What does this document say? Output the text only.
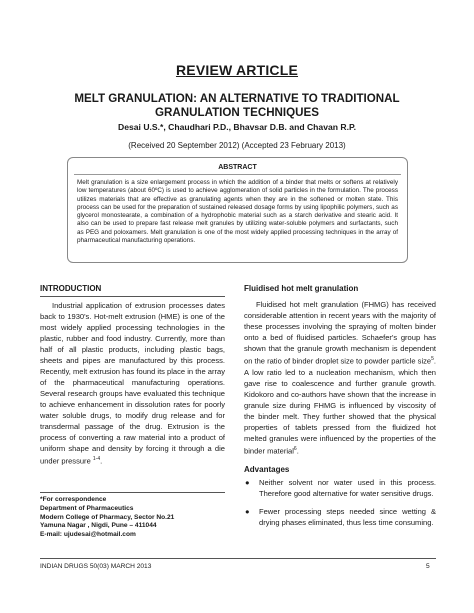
REVIEW ARTICLE
MELT GRANULATION: AN ALTERNATIVE TO TRADITIONAL GRANULATION TECHNIQUES
Desai U.S.*, Chaudhari P.D., Bhavsar D.B. and Chavan R.P.
(Received 20 September 2012) (Accepted 23 February 2013)
ABSTRACT
Melt granulation is a size enlargement process in which the addition of a binder that melts or softens at relatively low temperatures (about 60ºC) is used to achieve agglomeration of solid particles in the formulation. The process utilizes materials that are effective as granulating agents when they are in the softened or molten state. This process can be used for the preparation of sustained released dosage forms by using lipophilic polymers, such as glycerol monostearate, a combination of a hydrophobic material such as a starch derivative and stearic acid. It also can be used to prepare fast release melt granules by utilizing water-soluble polymers and surfactants, such as PEG and poloxamers. Melt granulation is one of the most widely applied processing techniques in the array of pharmaceutical manufacturing operations.
INTRODUCTION
Industrial application of extrusion processes dates back to 1930's. Hot-melt extrusion (HME) is one of the most widely applied processing technologies in the plastic, rubber and food industry. Currently, more than half of all plastic products, including plastic bags, sheets and pipes are manufactured by this process. Recently, melt extrusion has found its place in the array of the pharmaceutical manufacturing operations. Several research groups have evaluated this technique to achieve enhancement in dissolution rates for poorly water soluble drugs, to modify drug release and for transdermal passage of the drug. Extrusion is the process of converting a raw material into a product of uniform shape and density by forcing it through a die under pressure $^{1-4}$.
*For correspondence
Department of Pharmaceutics
Modern College of Pharmacy, Sector No.21
Yamuna Nagar , Nigdi, Pune – 411044
E-mail: ujudesai@hotmail.com
Fluidised hot melt granulation
Fluidised hot melt granulation (FHMG) has received considerable attention in recent years with the majority of these processes involving the spraying of molten binder onto a bed of fluidised particles. Schaefer's group has shown that the granule growth mechanism is dependent on the ratio of binder droplet size to powder particle size$^5$. A low ratio led to a nucleation mechanism, which then gave rise to coalescence and further granule growth. Kidokoro and co-authors have shown that the increase in granule size during FHMG is influenced by viscosity of the binder melt. They further showed that the physical properties of tablets pressed from the fluidized hot melted granules were influenced by the properties of the binder material$^6$.
Advantages
● Neither solvent nor water used in this process. Therefore good alternative for water sensitive drugs.
● Fewer processing steps needed since wetting & drying phases eliminated, thus less time consuming.
INDIAN DRUGS 50(03) MARCH 2013	5
